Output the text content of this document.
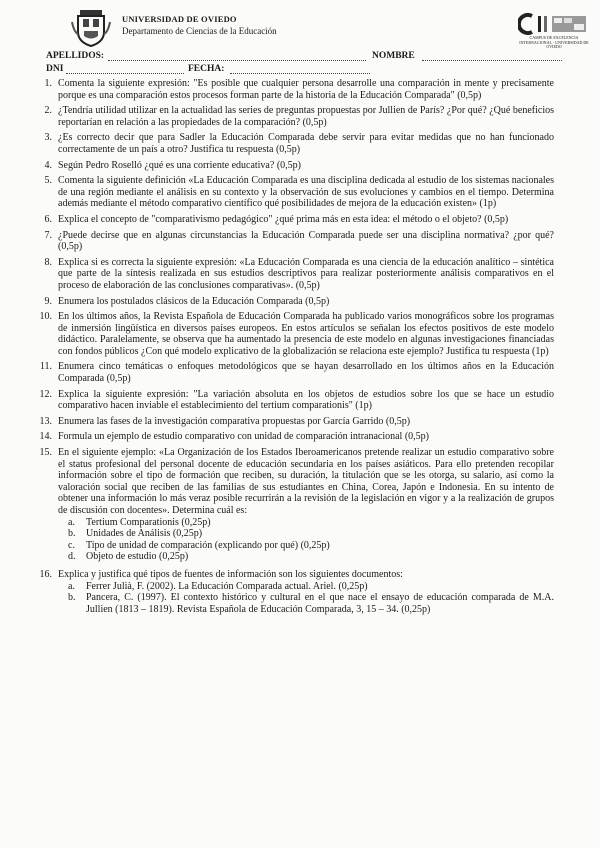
UNIVERSIDAD DE OVIEDO
Departamento de Ciencias de la Educación
CAMPUS DE EXCELENCIA INTERNACIONAL · UNIVERSIDAD DE OVIEDO
APELLIDOS:	NOMBRE
DNI	FECHA:
1. Comenta la siguiente expresión: "Es posible que cualquier persona desarrolle una comparación in mente y precisamente porque es una comparación estos procesos forman parte de la historia de la Educación Comparada" (0,5p)
2. ¿Tendría utilidad utilizar en la actualidad las series de preguntas propuestas por Jullien de París? ¿Por qué? ¿Qué beneficios reportarían en relación a las propiedades de la comparación? (0,5p)
3. ¿Es correcto decir que para Sadler la Educación Comparada debe servir para evitar medidas que no han funcionado correctamente de un país a otro? Justifica tu respuesta (0,5p)
4. Según Pedro Roselló ¿qué es una corriente educativa? (0,5p)
5. Comenta la siguiente definición «La Educación Comparada es una disciplina dedicada al estudio de los sistemas nacionales de una región mediante el análisis en su contexto y la observación de sus evoluciones y cambios en el tiempo. Determina además mediante el método comparativo científico qué posibilidades de mejora de la educación existen» (1p)
6. Explica el concepto de "comparativismo pedagógico" ¿qué prima más en esta idea: el método o el objeto? (0,5p)
7. ¿Puede decirse que en algunas circunstancias la Educación Comparada puede ser una disciplina normativa? ¿por qué? (0,5p)
8. Explica si es correcta la siguiente expresión: «La Educación Comparada es una ciencia de la educación analítico – sintética que parte de la síntesis realizada en sus estudios descriptivos para realizar posteriormente análisis comparativos en el proceso de elaboración de las conclusiones comparativas». (0,5p)
9. Enumera los postulados clásicos de la Educación Comparada (0,5p)
10. En los últimos años, la Revista Española de Educación Comparada ha publicado varios monográficos sobre los programas de inmersión lingüística en diversos países europeos. En estos artículos se señalan los efectos positivos de este modelo didáctico. Paralelamente, se observa que ha aumentado la presencia de este modelo en algunas investigaciones financiadas con fondos públicos ¿Con qué modelo explicativo de la globalización se relaciona este ejemplo? Justifica tu respuesta (1p)
11. Enumera cinco temáticas o enfoques metodológicos que se hayan desarrollado en los últimos años en la Educación Comparada (0,5p)
12. Explica la siguiente expresión: "La variación absoluta en los objetos de estudios sobre los que se hace un estudio comparativo hacen inviable el establecimiento del tertium comparationis" (1p)
13. Enumera las fases de la investigación comparativa propuestas por García Garrido (0,5p)
14. Formula un ejemplo de estudio comparativo con unidad de comparación intranacional (0,5p)
15. En el siguiente ejemplo: «La Organización de los Estados Iberoamericanos pretende realizar un estudio comparativo sobre el status profesional del personal docente de educación secundaria en los países asiáticos. Para ello pretenden recopilar información sobre el tipo de formación que reciben, su duración, la titulación que se les otorga, su salario, así como la valoración social que reciben de las familias de sus estudiantes en China, Corea, Japón e Indonesia. En su intento de obtener una información lo más veraz posible recurrirán a la revisión de la legislación en vigor y a la realización de grupos de discusión con docentes». Determina cuál es:
a. Tertium Comparationis (0,25p)
b. Unidades de Análisis (0,25p)
c. Tipo de unidad de comparación (explicando por qué) (0,25p)
d. Objeto de estudio (0,25p)
16. Explica y justifica qué tipos de fuentes de información son los siguientes documentos:
a. Ferrer Julià, F. (2002). La Educación Comparada actual. Ariel. (0,25p)
b. Pancera, C. (1997). El contexto histórico y cultural en el que nace el ensayo de educación comparada de M.A. Jullien (1813 – 1819). Revista Española de Educación Comparada, 3, 15 – 34. (0,25p)
